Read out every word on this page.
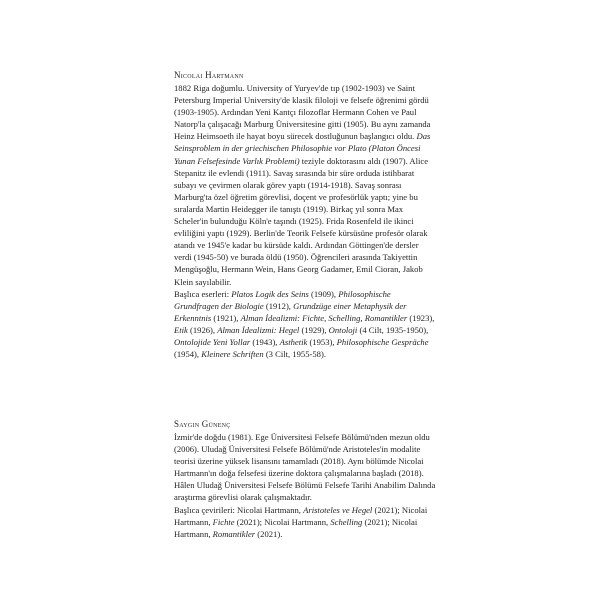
Nicolai Hartmann

1882 Riga doğumlu. University of Yuryev'de tıp (1902-1903) ve Saint Petersburg Imperial University'de klasik filoloji ve felsefe öğrenimi gördü (1903-1905). Ardından Yeni Kantçı filozoflar Hermann Cohen ve Paul Natorp'la çalışacağı Marburg Üniversitesine gitti (1905). Bu aynı zamanda Heinz Heimsoeth ile hayat boyu sürecek dostluğunun başlangıcı oldu. Das Seinsproblem in der griechischen Philosophie vor Plato (Platon Öncesi Yunan Felsefesinde Varlık Problemi) teziyle doktorasını aldı (1907). Alice Stepanitz ile evlendi (1911). Savaş sırasında bir süre orduda istihbarat subayı ve çevirmen olarak görev yaptı (1914-1918). Savaş sonrası Marburg'ta özel öğretim görevlisi, doçent ve profesörlük yaptı; yine bu sıralarda Martin Heidegger ile tanıştı (1919). Birkaç yıl sonra Max Scheler'in bulunduğu Köln'e taşındı (1925). Frida Rosenfeld ile ikinci evliliğini yaptı (1929). Berlin'de Teorik Felsefe kürsüsüne profesör olarak atandı ve 1945'e kadar bu kürsüde kaldı. Ardından Göttingen'de dersler verdi (1945-50) ve burada öldü (1950). Öğrencileri arasında Takiyettin Mengüşoğlu, Hermann Wein, Hans Georg Gadamer, Emil Cioran, Jakob Klein sayılabilir.

Başlıca eserleri: Platos Logik des Seins (1909), Philosophische Grundfragen der Biologie (1912), Grundzüge einer Metaphysik der Erkenntnis (1921), Alman İdealizmi: Fichte, Schelling, Romantikler (1923), Etik (1926), Alman İdealizmi: Hegel (1929), Ontoloji (4 Cilt, 1935-1950), Ontolojide Yeni Yollar (1943), Asthetik (1953), Philosophische Gespräche (1954), Kleinere Schriften (3 Cilt, 1955-58).

Saygın Günenç

İzmir'de doğdu (1981). Ege Üniversitesi Felsefe Bölümü'nden mezun oldu (2006). Uludağ Üniversitesi Felsefe Bölümü'nde Aristoteles'in modalite teorisi üzerine yüksek lisansını tamamladı (2018). Aynı bölümde Nicolai Hartmann'ın doğa felsefesi üzerine doktora çalışmalarına başladı (2018). Hâlen Uludağ Üniversitesi Felsefe Bölümü Felsefe Tarihi Anabilim Dalında araştırma görevlisi olarak çalışmaktadır.

Başlıca çevirileri: Nicolai Hartmann, Aristoteles ve Hegel (2021); Nicolai Hartmann, Fichte (2021); Nicolai Hartmann, Schelling (2021); Nicolai Hartmann, Romantikler (2021).
